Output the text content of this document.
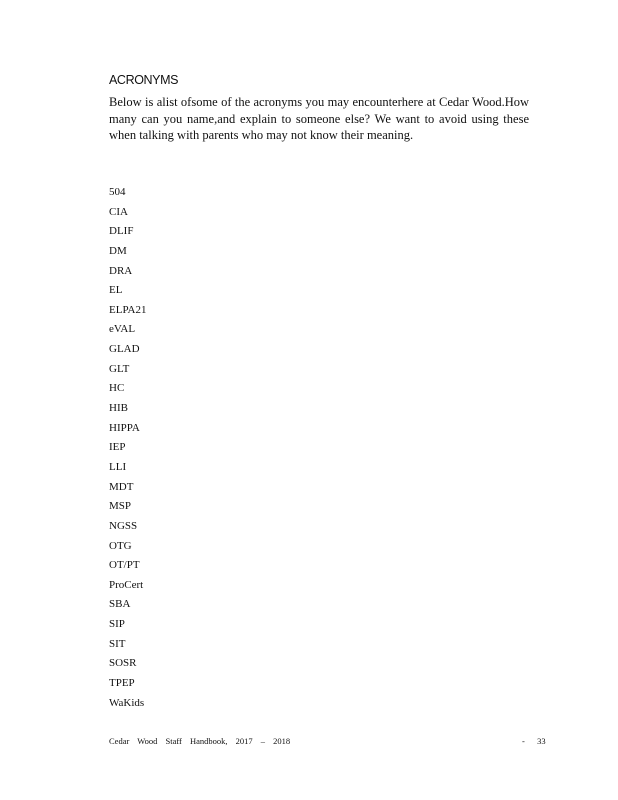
ACRONYMS

Below is alist ofsome of the acronyms you may encounterhere at Cedar Wood.How many can you name,and explain to someone else? We want to avoid using these when talking with parents who may not know their meaning.

504
CIA
DLIF
DM
DRA
EL
ELPA21
eVAL
GLAD
GLT
HC
HIB
HIPPA
IEP
LLI
MDT
MSP
NGSS
OTG
OT/PT
ProCert
SBA
SIP
SIT
SOSR
TPEP
WaKids
Cedar Wood Staff Handbook, 2017 – 2018	- 33
